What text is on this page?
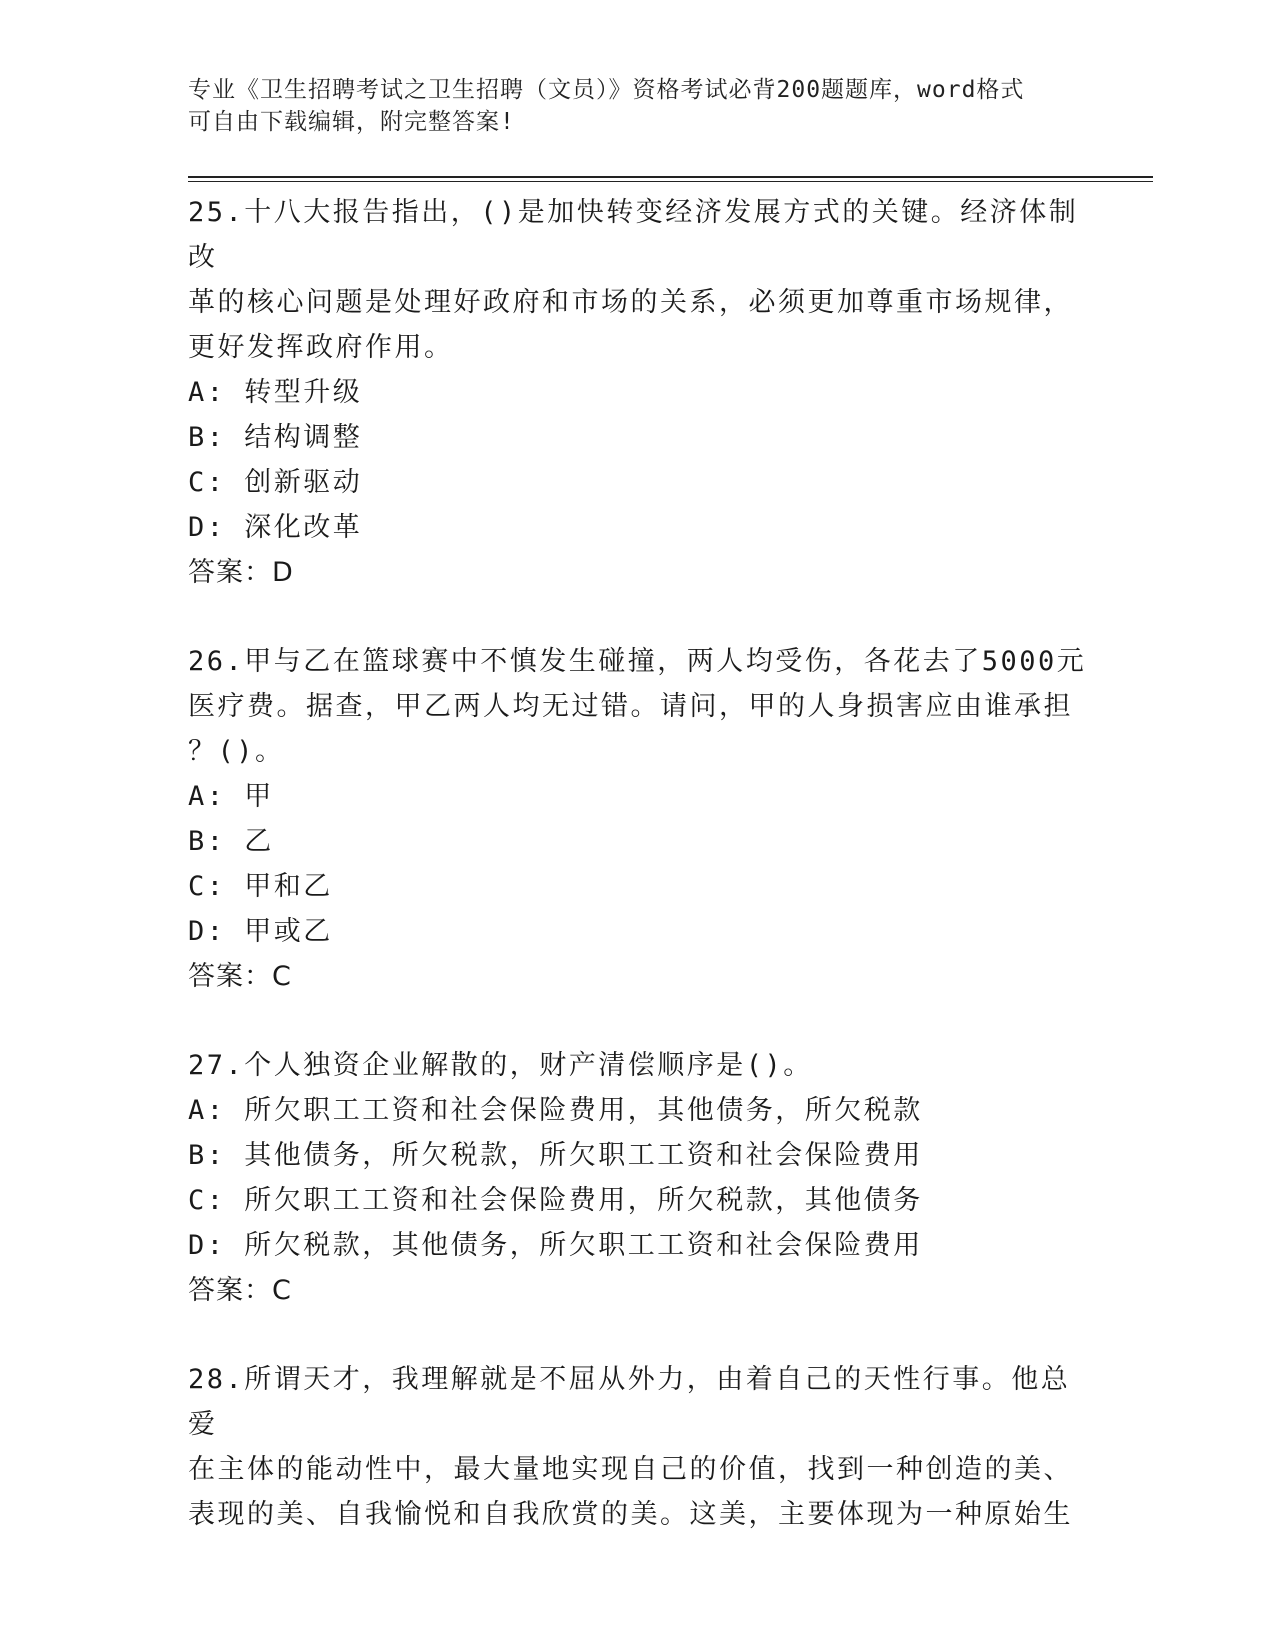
专业《卫生招聘考试之卫生招聘（文员）》资格考试必背200题题库，word格式
可自由下载编辑，附完整答案!
25.十八大报告指出，()是加快转变经济发展方式的关键。经济体制改
革的核心问题是处理好政府和市场的关系，必须更加尊重市场规律，
更好发挥政府作用。
A: 转型升级
B: 结构调整
C: 创新驱动
D: 深化改革
答案：D
26.甲与乙在篮球赛中不慎发生碰撞，两人均受伤，各花去了5000元
医疗费。据查，甲乙两人均无过错。请问，甲的人身损害应由谁承担
？()。
A: 甲
B: 乙
C: 甲和乙
D: 甲或乙
答案：C
27.个人独资企业解散的，财产清偿顺序是()。
A: 所欠职工工资和社会保险费用，其他债务，所欠税款
B: 其他债务，所欠税款，所欠职工工资和社会保险费用
C: 所欠职工工资和社会保险费用，所欠税款，其他债务
D: 所欠税款，其他债务，所欠职工工资和社会保险费用
答案：C
28.所谓天才，我理解就是不屈从外力，由着自己的天性行事。他总爱
在主体的能动性中，最大量地实现自己的价值，找到一种创造的美、
表现的美、自我愉悦和自我欣赏的美。这美，主要体现为一种原始生
